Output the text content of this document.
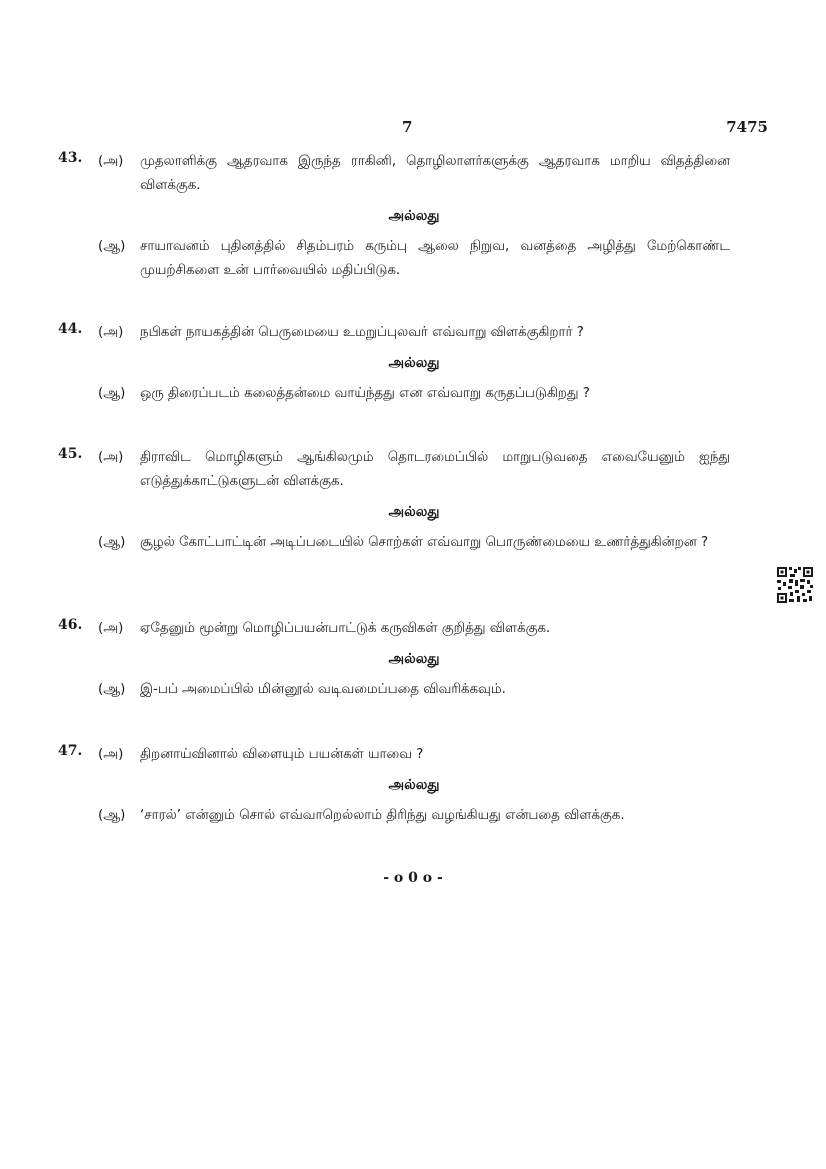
7	7475
43. (அ) முதலாளிக்கு ஆதரவாக இருந்த ராகினி, தொழிலாளர்களுக்கு ஆதரவாக மாறிய விதத்தினை விளக்குக.
அல்லது
(ஆ) சாயாவனம் புதினத்தில் சிதம்பரம் கரும்பு ஆலை நிறுவ, வனத்தை அழித்து மேற்கொண்ட முயற்சிகளை உன் பார்வையில் மதிப்பிடுக.
44. (அ) நபிகள் நாயகத்தின் பெருமையை உமறுப்புலவர் எவ்வாறு விளக்குகிறார் ?
அல்லது
(ஆ) ஒரு திரைப்படம் கலைத்தன்மை வாய்ந்தது என எவ்வாறு கருதப்படுகிறது ?
45. (அ) திராவிட மொழிகளும் ஆங்கிலமும் தொடரமைப்பில் மாறுபடுவதை எவையேனும் ஐந்து எடுத்துக்காட்டுகளுடன் விளக்குக.
அல்லது
(ஆ) சூழல் கோட்பாட்டின் அடிப்படையில் சொற்கள் எவ்வாறு பொருண்மையை உணர்த்துகின்றன ?
46. (அ) ஏதேனும் மூன்று மொழிப்பயன்பாட்டுக் கருவிகள் குறித்து விளக்குக.
அல்லது
(ஆ) இ-பப் அமைப்பில் மின்னூல் வடிவமைப்பதை விவரிக்கவும்.
47. (அ) திறனாய்வினால் விளையும் பயன்கள் யாவை ?
அல்லது
(ஆ) ‘சாரல்’ என்னும் சொல் எவ்வாறெல்லாம் திரிந்து வழங்கியது என்பதை விளக்குக.
- o 0 o -
